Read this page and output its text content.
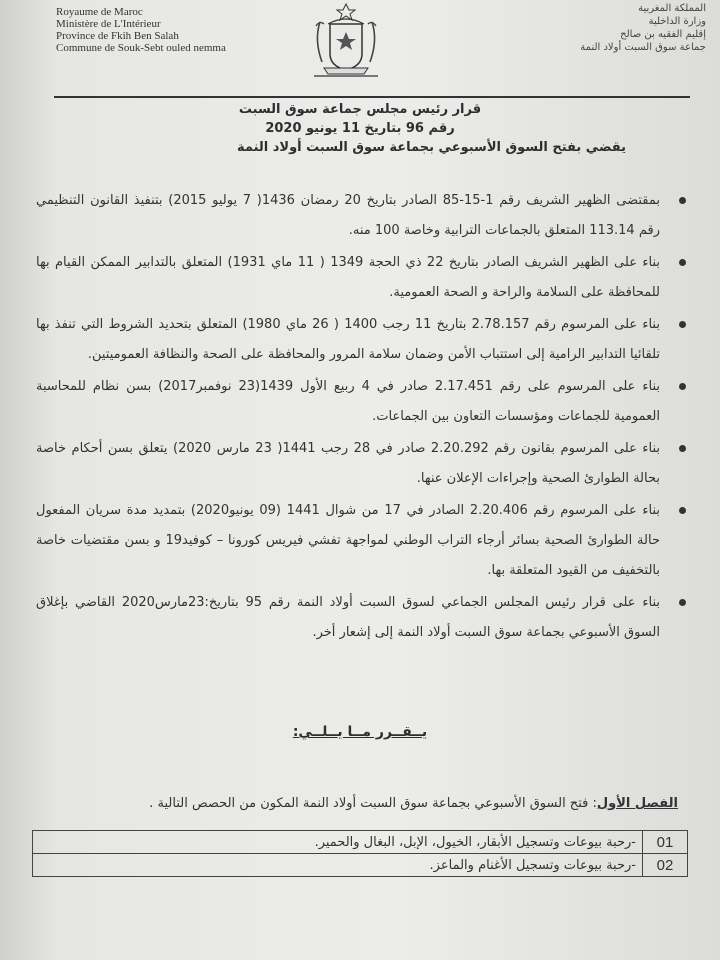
Royaume de Maroc
Ministère de L'Intérieur
Province de Fkih Ben Salah
Commune de Souk-Sebt ouled nemma
المملكة المغربية
وزارة الداخلية
إقليم الفقيه بن صالح
جماعة سوق السبت أولاد النمة
قرار رئيس مجلس جماعة سوق السبت
رقم 96 بتاريخ 11 يونيو 2020
يقضي بفتح السوق الأسبوعي بجماعة سوق السبت أولاد النمة
بمقتضى الظهير الشريف رقم 1-15-85 الصادر بتاريخ 20 رمضان 1436( 7 يوليو 2015) بتنفيذ القانون التنظيمي رقم 113.14 المتعلق بالجماعات الترابية وخاصة 100 منه.
بناء على الظهير الشريف الصادر بتاريخ 22 ذي الحجة 1349 ( 11 ماي 1931) المتعلق بالتدابير الممكن القيام بها للمحافظة على السلامة والراحة و الصحة العمومية.
بناء على المرسوم رقم 2.78.157 بتاريخ 11 رجب 1400 ( 26 ماي 1980) المتعلق بتحديد الشروط التي تنفذ بها تلقائيا التدابير الرامية إلى استتباب الأمن وضمان سلامة المرور والمحافظة على الصحة والنظافة العموميتين.
بناء على المرسوم على رقم 2.17.451 صادر في 4 ربيع الأول 1439(23 نوفمبر2017) بسن نظام للمحاسبة العمومية للجماعات ومؤسسات التعاون بين الجماعات.
بناء على المرسوم بقانون رقم 2.20.292 صادر في 28 رجب 1441( 23 مارس 2020) يتعلق بسن أحكام خاصة بحالة الطوارئ الصحية وإجراءات الإعلان عنها.
بناء على المرسوم رقم 2.20.406 الصادر في 17 من شوال 1441 (09 يونيو2020) بتمديد مدة سريان المفعول حالة الطوارئ الصحية بسائر أرجاء التراب الوطني لمواجهة تفشي فيريس كورونا – كوفيد19 و بسن مقتضيات خاصة بالتخفيف من القيود المتعلقة بها.
بناء على قرار رئيس المجلس الجماعي لسوق السبت أولاد النمة رقم 95 بتاريخ:23مارس2020 القاضي بإغلاق السوق الأسبوعي بجماعة سوق السبت أولاد النمة إلى إشعار أخر.
يــقــرر مــا يــلــي:
الفصل الأول: فتح السوق الأسبوعي بجماعة سوق السبت أولاد النمة المكون من الحصص التالية .
01	-رحبة بيوعات وتسجيل الأبقار، الخيول، الإبل، البغال والحمير.
02	-رحبة بيوعات وتسجيل الأغنام والماعز.
